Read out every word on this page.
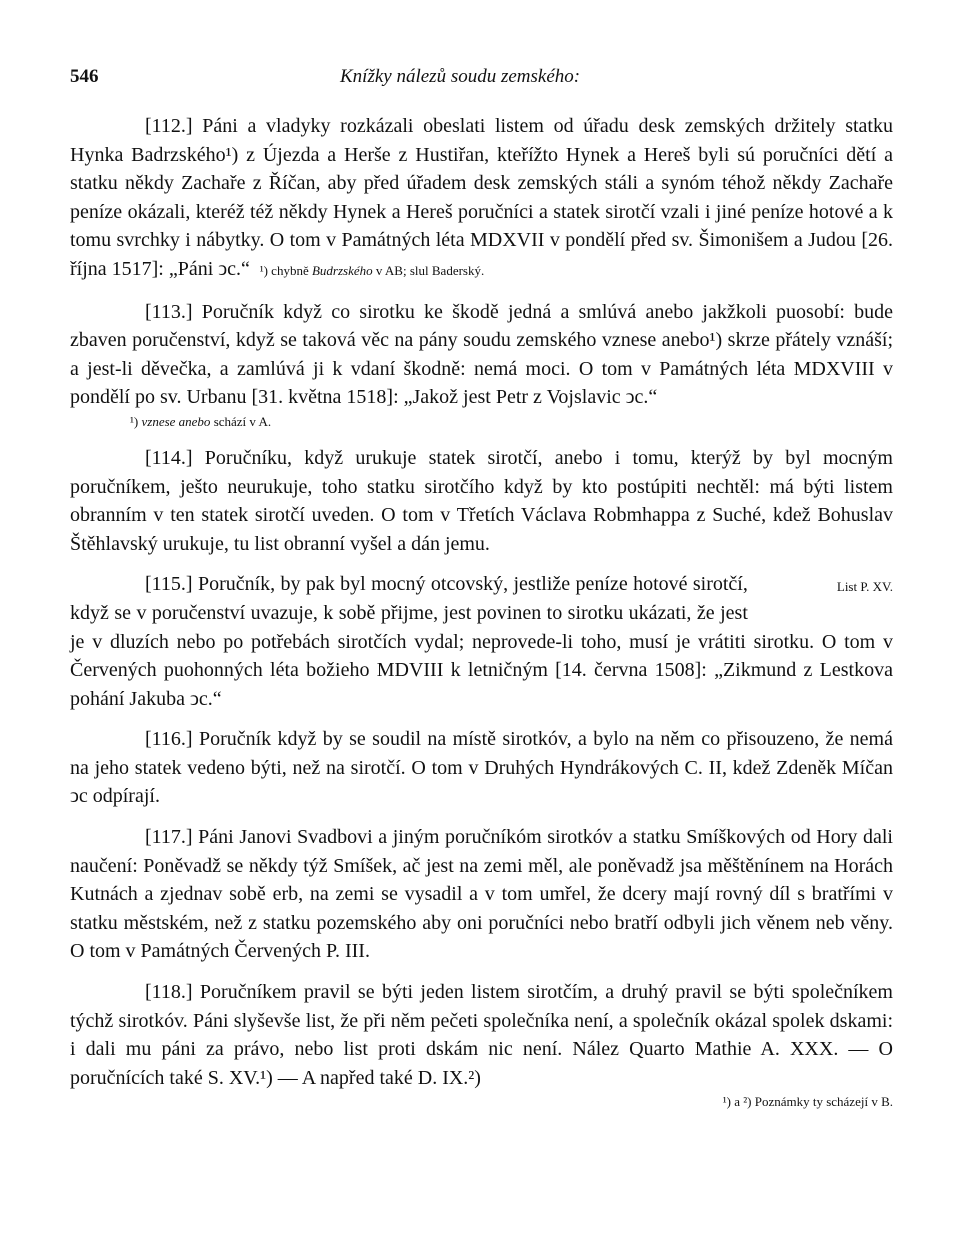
546	Knížky nálezů soudu zemského:

[112.] Páni a vladyky rozkázali obeslati listem od úřadu desk zemských držitely statku Hynka Badrzského¹) z Újezda a Herše z Hustiřan, kteřížto Hynek a Hereš byli sú poručníci dětí a statku někdy Zachaře z Říčan, aby před úřadem desk zemských stáli a synóm téhož někdy Zachaře peníze okázali, kteréž též někdy Hynek a Hereš poručníci a statek sirotčí vzali i jiné peníze hotové a k tomu svrchky i nábytky. O tom v Památných léta MDXVII v pondělí před sv. Šimonišem a Judou [26. října 1517]: „Páni ↄc.“ ¹) chybně Budrzského v AB; slul Baderský.

[113.] Poručník když co sirotku ke škodě jedná a smlúvá anebo jakžkoli puosobí: bude zbaven poručenství, když se taková věc na pány soudu zemského vznese anebo¹) skrze přátely vznáší; a jest-li děvečka, a zamlúvá ji k vdaní škodně: nemá moci. O tom v Památných léta MDXVIII v pondělí po sv. Urbanu [31. května 1518]: „Jakož jest Petr z Vojslavic ↄc.“

¹) vznese anebo schází v A.

[114.] Poručníku, když urukuje statek sirotčí, anebo i tomu, kterýž by byl mocným poručníkem, ješto neurukuje, toho statku sirotčího když by kto postúpiti nechtěl: má býti listem obranním v ten statek sirotčí uveden. O tom v Třetích Václava Robmhappa z Suché, kdež Bohuslav Štěhlavský urukuje, tu list obranní vyšel a dán jemu.

List P. XV.
[115.] Poručník, by pak byl mocný otcovský, jestliže peníze hotové sirotčí, když se v poručenství uvazuje, k sobě přijme, jest povinen to sirotku ukázati, že jest je v dluzích nebo po potřebách sirotčích vydal; neprovede-li toho, musí je vrátiti sirotku. O tom v Červených puohonných léta božieho MDVIII k letničným [14. června 1508]: „Zikmund z Lestkova pohání Jakuba ↄc.“

[116.] Poručník když by se soudil na místě sirotkóv, a bylo na něm co přisouzeno, že nemá na jeho statek vedeno býti, než na sirotčí. O tom v Druhých Hyndrákových C. II, kdež Zdeněk Míčan ↄc odpírají.

[117.] Páni Janovi Svadbovi a jiným poručníkóm sirotkóv a statku Smíškových od Hory dali naučení: Poněvadž se někdy týž Smíšek, ač jest na zemi měl, ale poněvadž jsa měštěnínem na Horách Kutnách a zjednav sobě erb, na zemi se vysadil a v tom umřel, že dcery mají rovný díl s bratřími v statku městském, než z statku pozemského aby oni poručníci nebo bratří odbyli jich věnem neb věny. O tom v Památných Červených P. III.

[118.] Poručníkem pravil se býti jeden listem sirotčím, a druhý pravil se býti společníkem týchž sirotkóv. Páni slyševše list, že při něm pečeti společníka není, a společník okázal spolek dskami: i dali mu páni za právo, nebo list proti dskám nic není. Nález Quarto Mathie A. XXX. — O poručnících také S. XV.¹) — A napřed také D. IX.²)

¹) a ²) Poznámky ty scházejí v B.
